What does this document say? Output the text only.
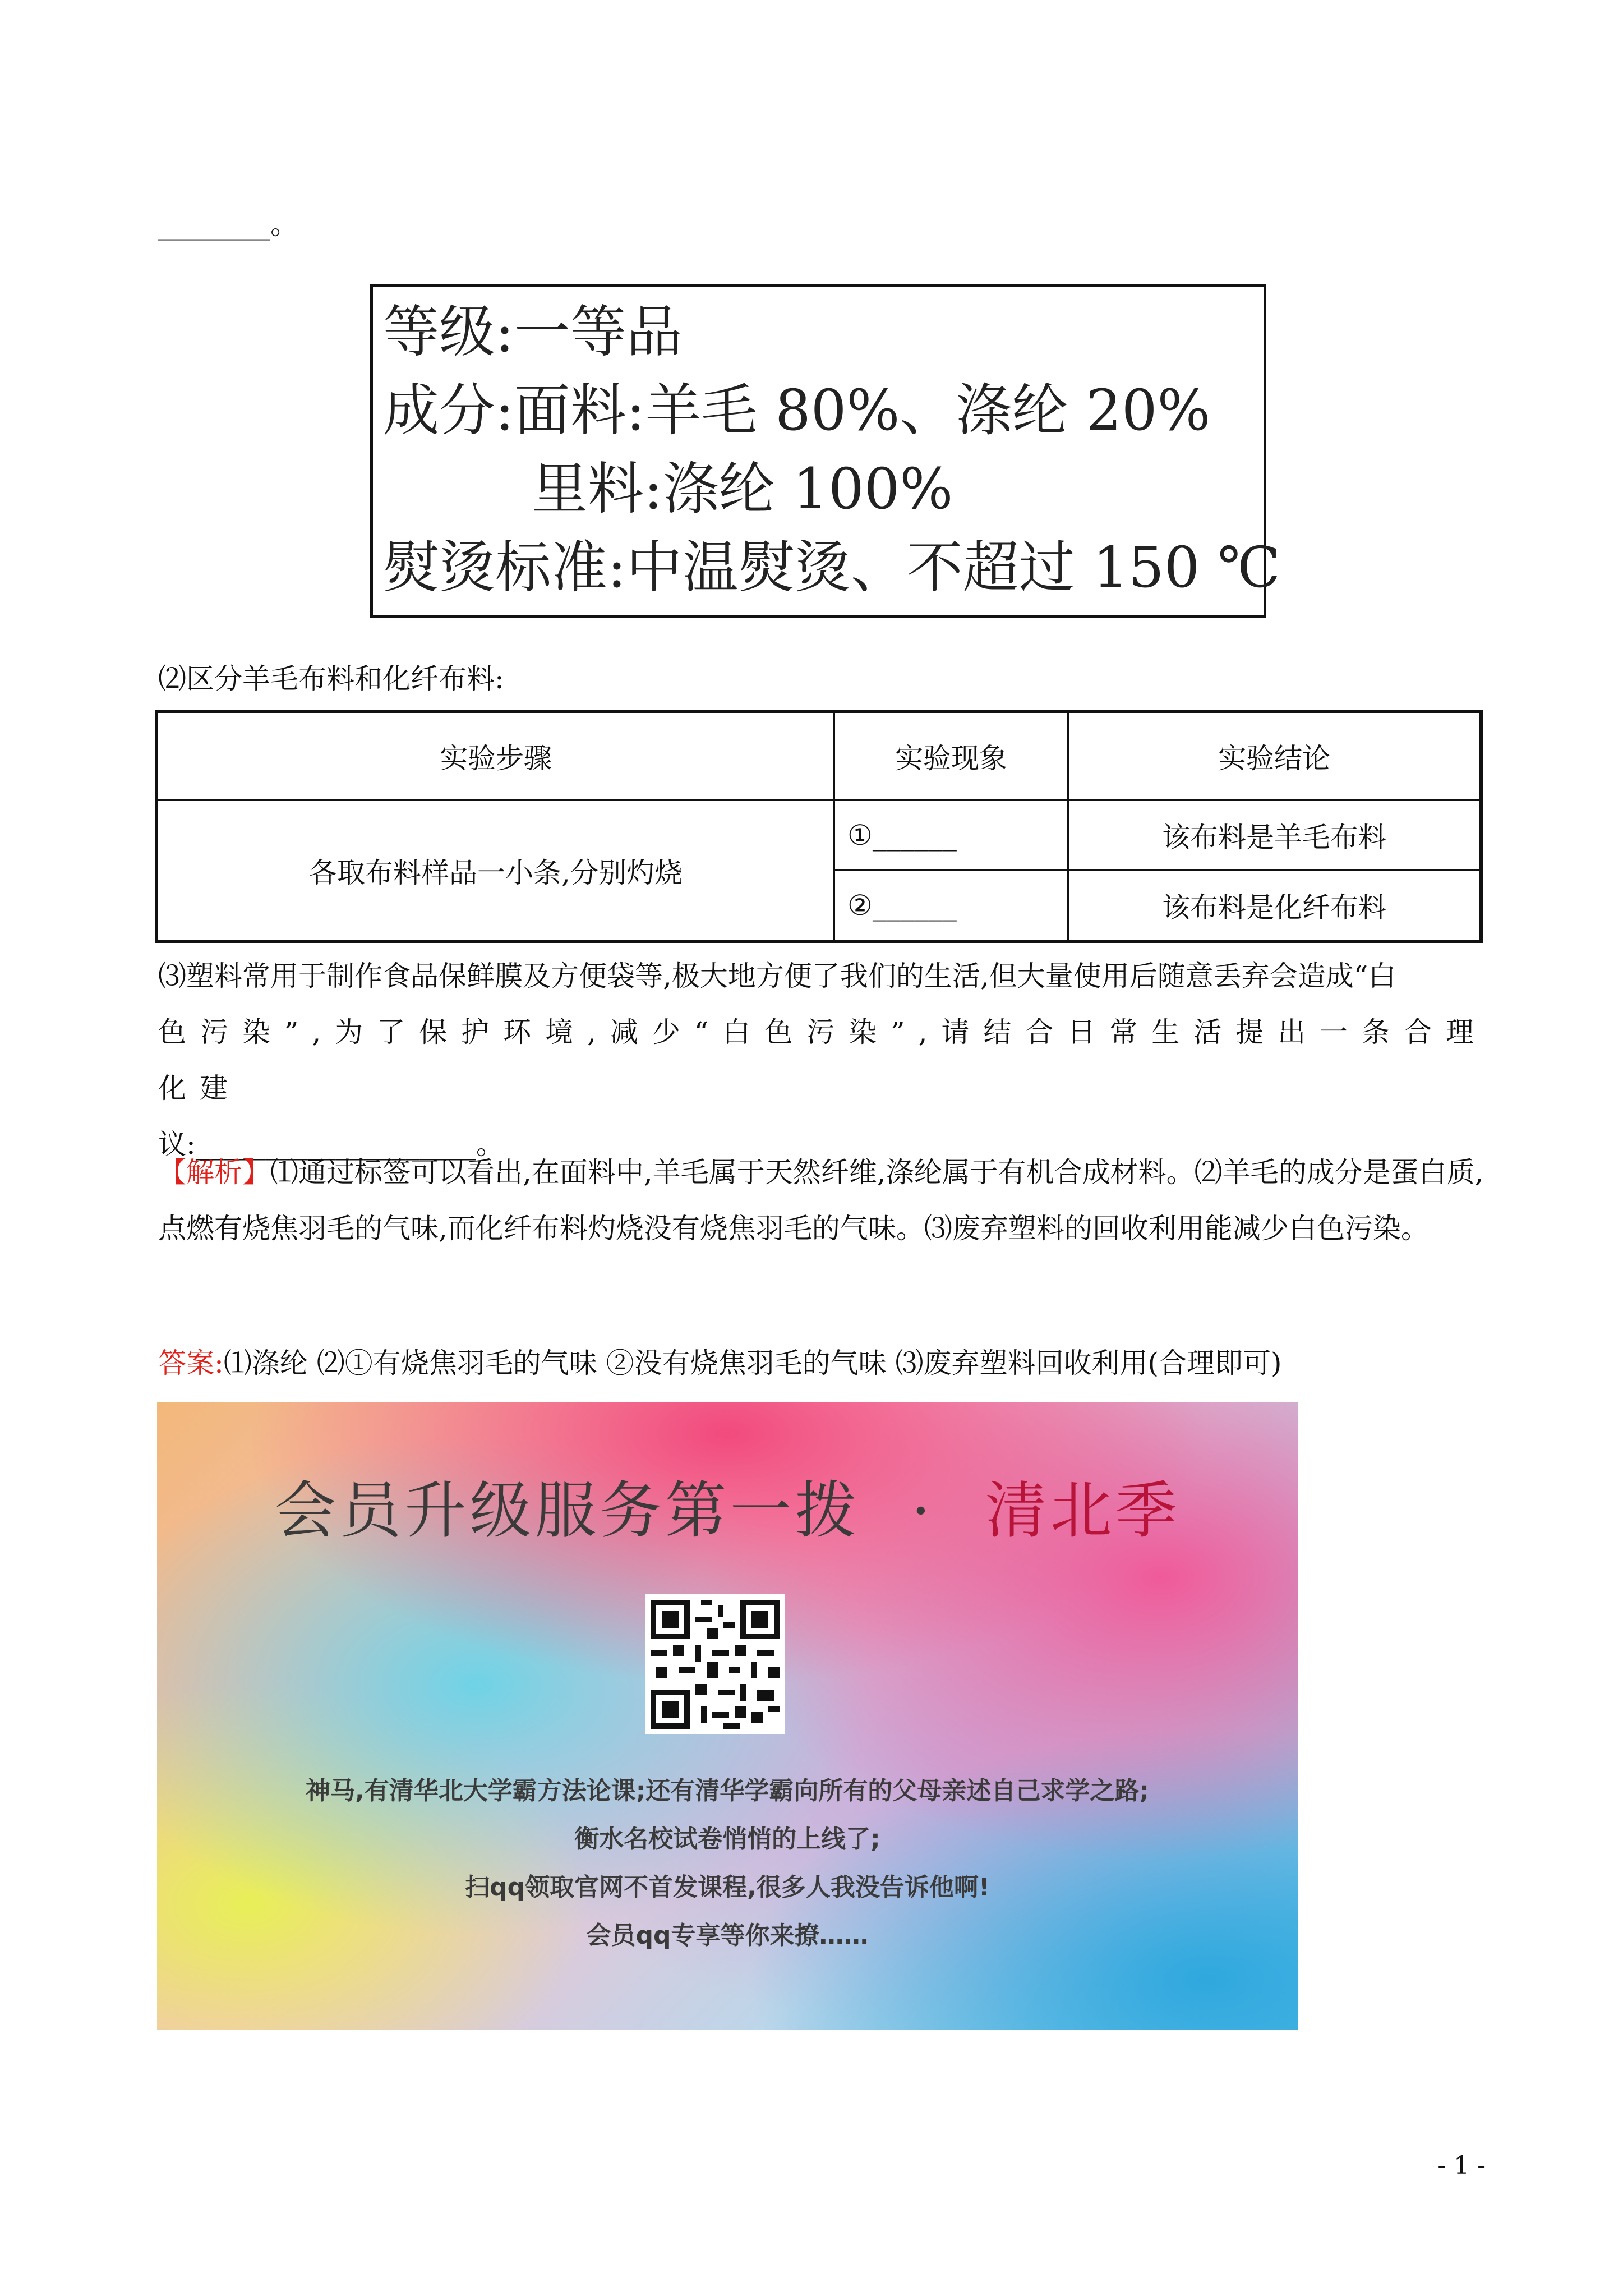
________。
等级:一等品
成分:面料:羊毛 80%、涤纶 20%
里料:涤纶 100%
熨烫标准:中温熨烫、不超过 150 ℃
⑵区分羊毛布料和化纤布料:
实验步骤	实验现象	实验结论
各取布料样品一小条,分别灼烧	①______	该布料是羊毛布料
	②______	该布料是化纤布料
⑶塑料常用于制作食品保鲜膜及方便袋等,极大地方便了我们的生活,但大量使用后随意丢弃会造成“白
色污染”,为了保护环境,减少“白色污染”,请结合日常生活提出一条合理化建
议:____________________。
【解析】⑴通过标签可以看出,在面料中,羊毛属于天然纤维,涤纶属于有机合成材料。⑵羊毛的成分是蛋白质,点燃有烧焦羽毛的气味,而化纤布料灼烧没有烧焦羽毛的气味。⑶废弃塑料的回收利用能减少白色污染。
答案:⑴涤纶 ⑵①有烧焦羽毛的气味 ②没有烧焦羽毛的气味 ⑶废弃塑料回收利用(合理即可)
会员升级服务第一拨 · 清北季
神马,有清华北大学霸方法论课;还有清华学霸向所有的父母亲述自己求学之路;
衡水名校试卷悄悄的上线了;
扫qq领取官网不首发课程,很多人我没告诉他啊!
会员qq专享等你来撩……
- 1 -
